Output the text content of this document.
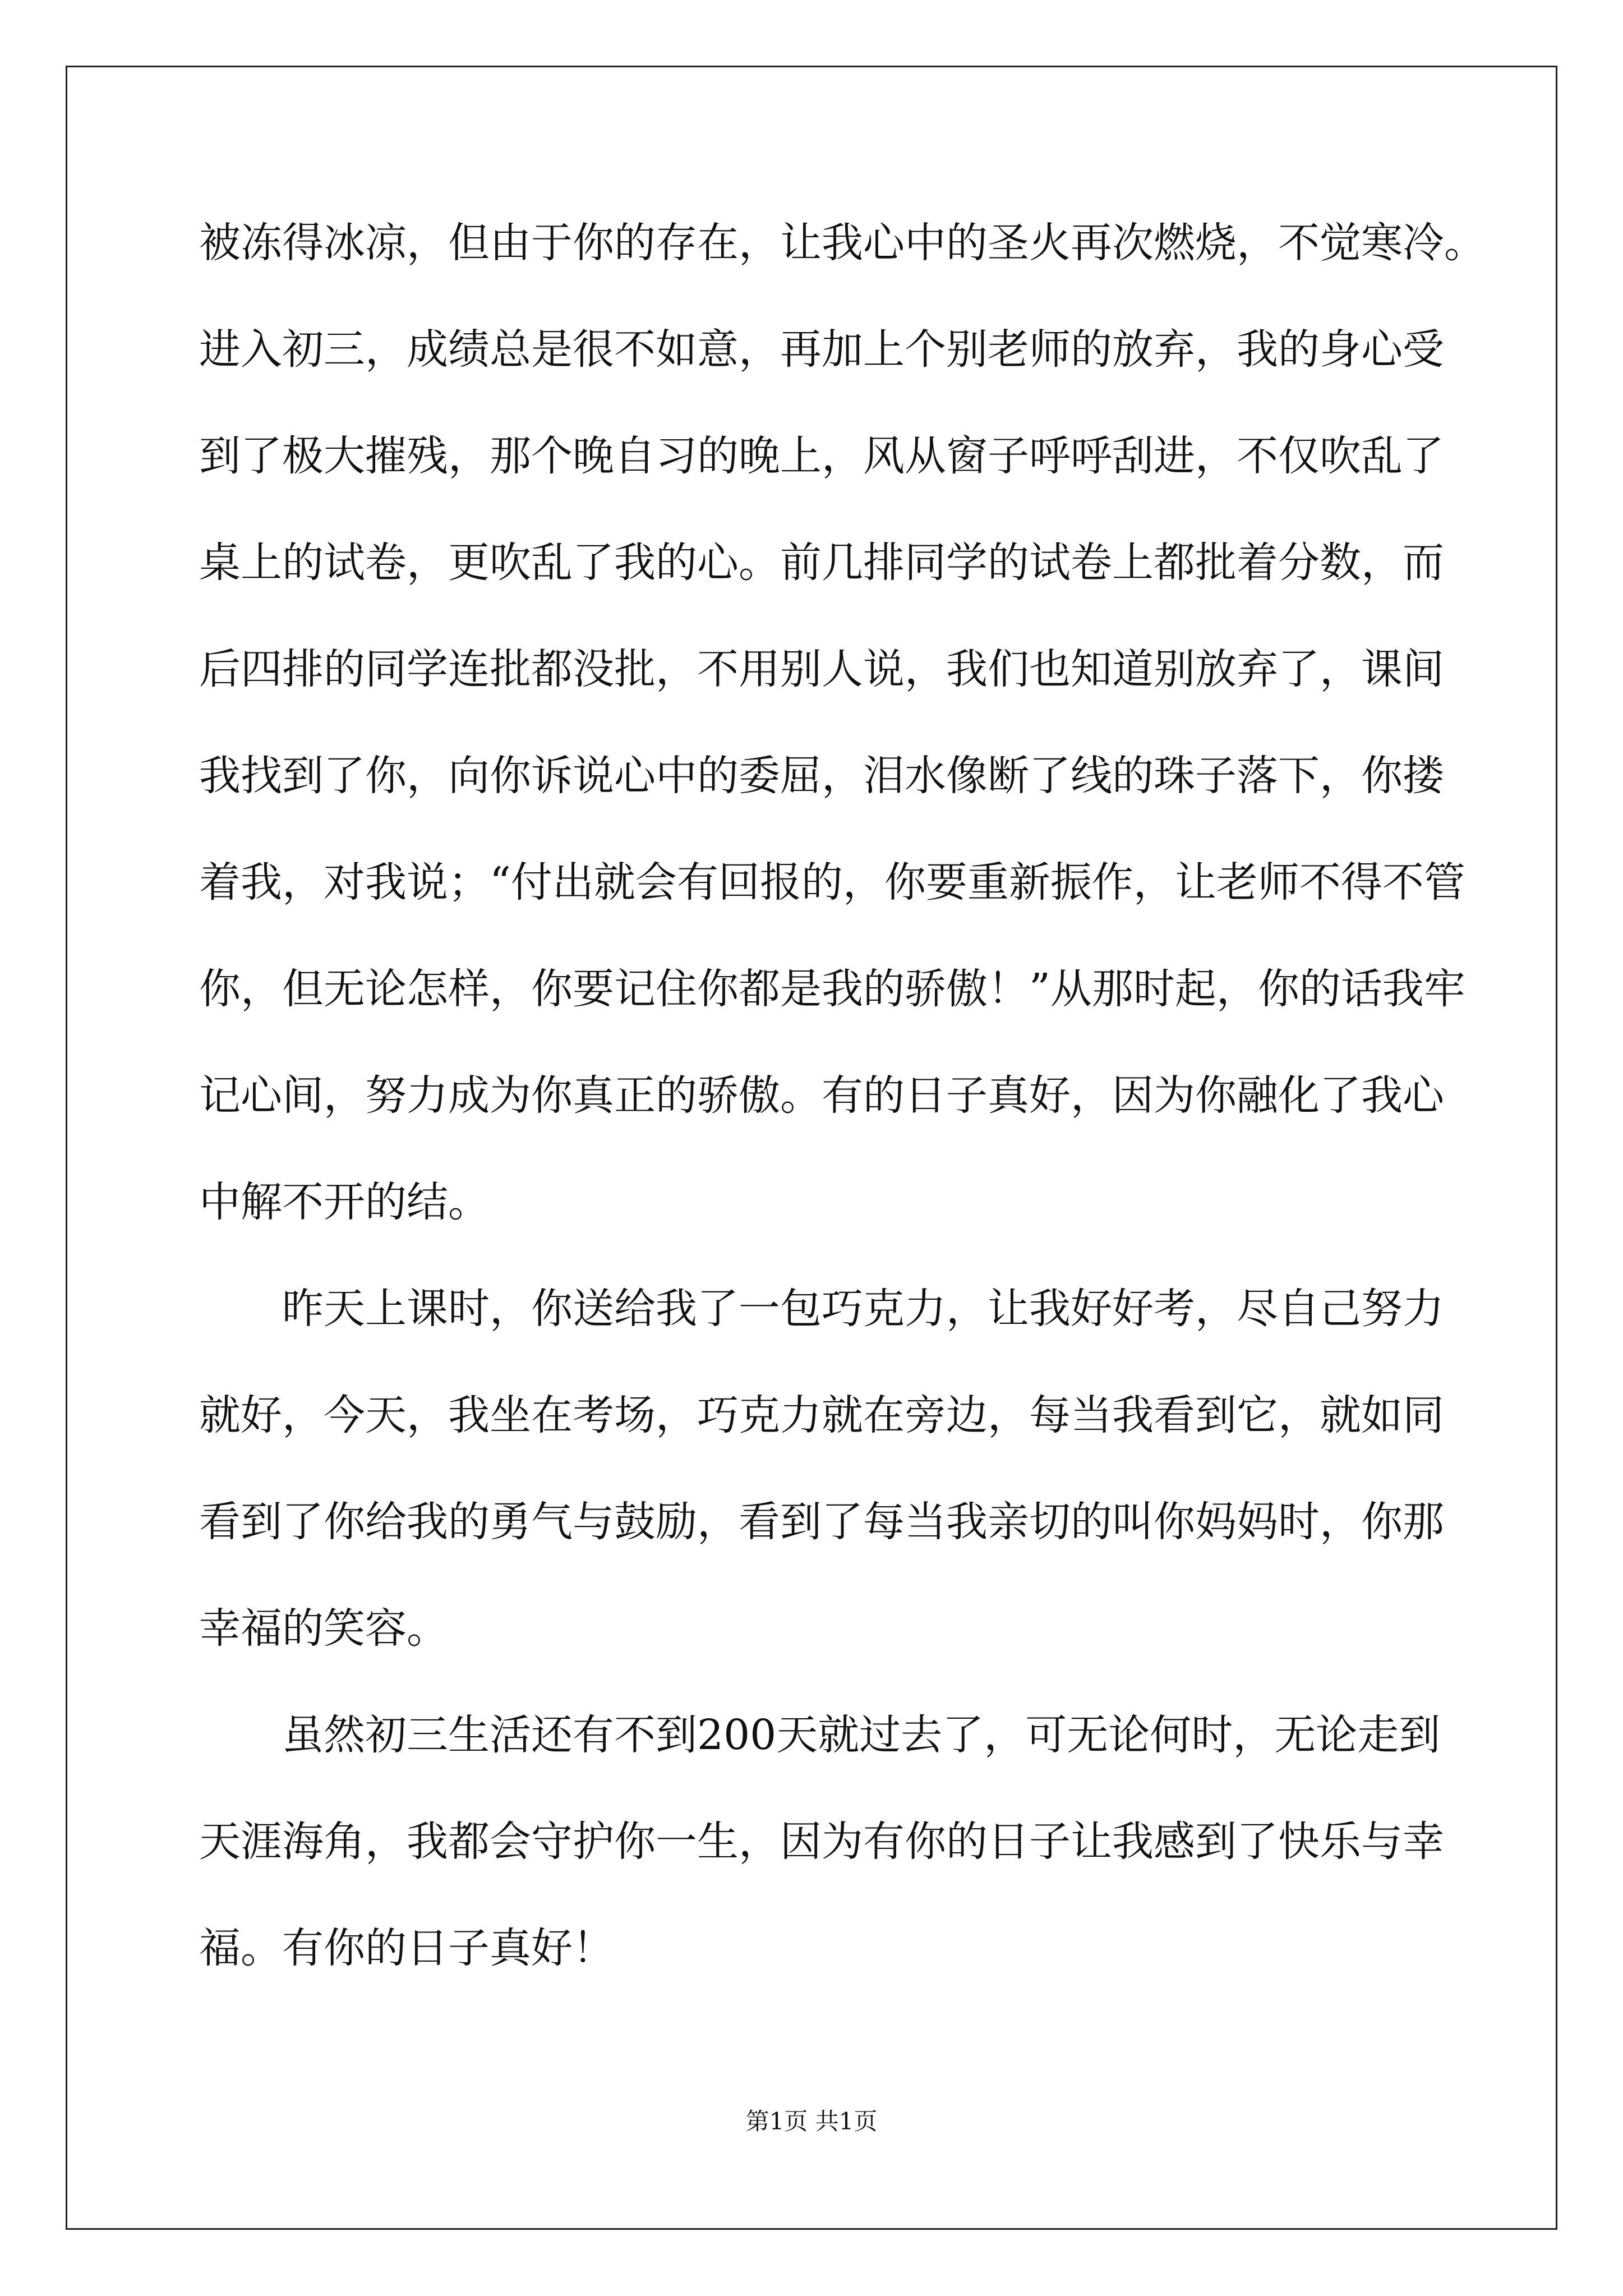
被冻得冰凉，但由于你的存在，让我心中的圣火再次燃烧，不觉寒冷。
进入初三，成绩总是很不如意，再加上个别老师的放弃，我的身心受
到了极大摧残，那个晚自习的晚上，风从窗子呼呼刮进，不仅吹乱了
桌上的试卷，更吹乱了我的心。前几排同学的试卷上都批着分数，而
后四排的同学连批都没批，不用别人说，我们也知道别放弃了，课间
我找到了你，向你诉说心中的委屈，泪水像断了线的珠子落下，你搂
着我，对我说；“付出就会有回报的，你要重新振作，让老师不得不管
你，但无论怎样，你要记住你都是我的骄傲！”从那时起，你的话我牢
记心间，努力成为你真正的骄傲。有的日子真好，因为你融化了我心
中解不开的结。
昨天上课时，你送给我了一包巧克力，让我好好考，尽自己努力
就好，今天，我坐在考场，巧克力就在旁边，每当我看到它，就如同
看到了你给我的勇气与鼓励，看到了每当我亲切的叫你妈妈时，你那
幸福的笑容。
虽然初三生活还有不到200天就过去了，可无论何时，无论走到
天涯海角，我都会守护你一生，因为有你的日子让我感到了快乐与幸
福。有你的日子真好！
第1页 共1页
